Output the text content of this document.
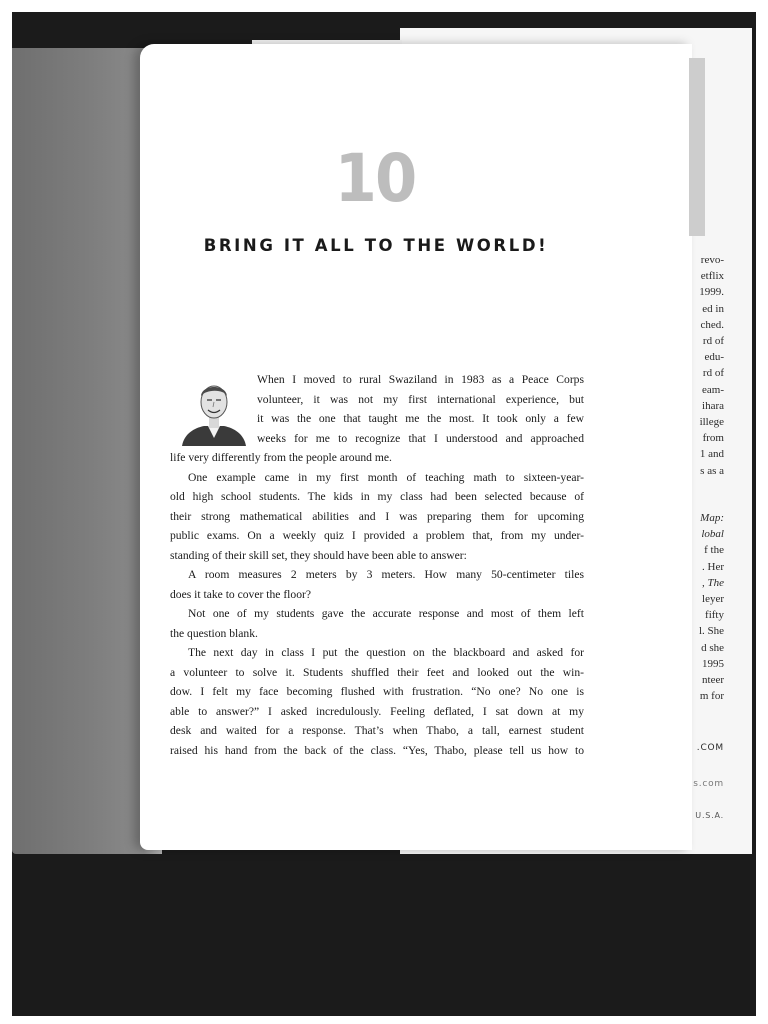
10
BRING IT ALL TO THE WORLD!
When I moved to rural Swaziland in 1983 as a Peace Corps
volunteer, it was not my first international experience, but
it was the one that taught me the most. It took only a few
weeks for me to recognize that I understood and approached
life very differently from the people around me.
One example came in my first month of teaching math to sixteen-year-
old high school students. The kids in my class had been selected because of
their strong mathematical abilities and I was preparing them for upcoming
public exams. On a weekly quiz I provided a problem that, from my under-
standing of their skill set, they should have been able to answer:
A room measures 2 meters by 3 meters. How many 50-centimeter tiles
does it take to cover the floor?
Not one of my students gave the accurate response and most of them left
the question blank.
The next day in class I put the question on the blackboard and asked for
a volunteer to solve it. Students shuffled their feet and looked out the win-
dow. I felt my face becoming flushed with frustration. “No one? No one is
able to answer?” I asked incredulously. Feeling deflated, I sat down at my
desk and waited for a response. That’s when Thabo, a tall, earnest student
raised his hand from the back of the class. “Yes, Thabo, please tell us how to
revo-
etflix
1999.
ed in
ched.
rd of
edu-
rd of
eam-
ihara
illege
from
1 and
s as a
Map:
lobal
f the
. Her
, The
leyer
fifty
l. She
d she
1995
nteer
m for
.COM
s.com
U.S.A.
